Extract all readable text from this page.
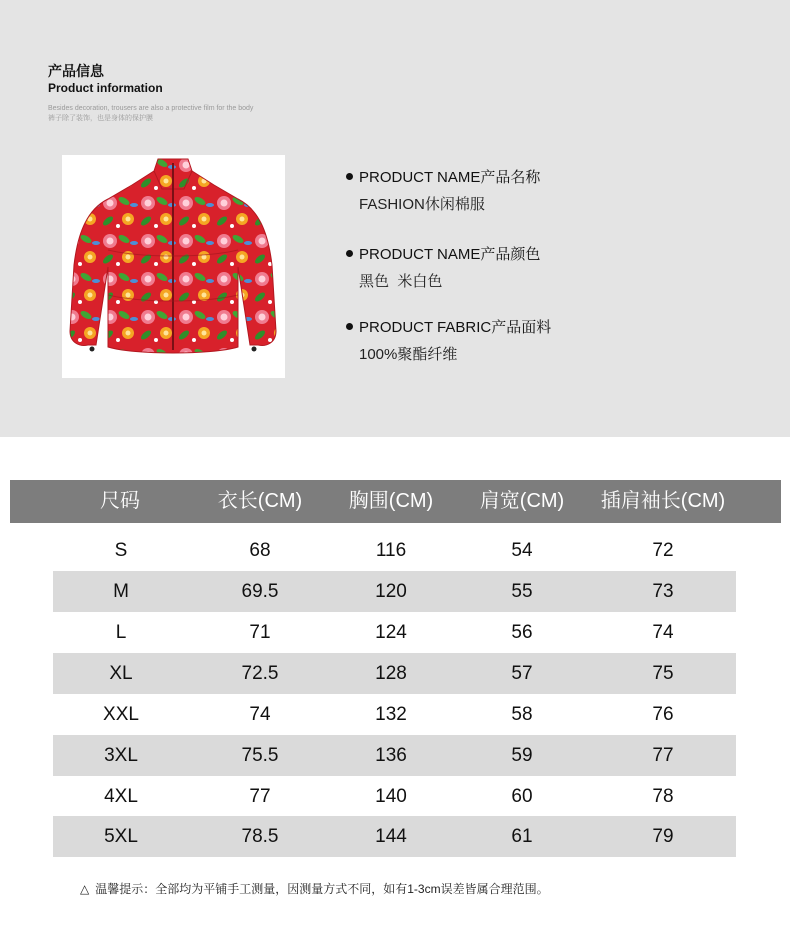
产品信息
Product information
Besides decoration, trousers are also a protective film for the body
裤子除了装饰，也是身体的保护膜
PRODUCT NAME产品名称
FASHION休闲棉服
PRODUCT NAME产品颜色
黑色  米白色
PRODUCT FABRIC产品面料
100%聚酯纤维
尺码	衣长(CM)	胸围(CM)	肩宽(CM)	插肩袖长(CM)
S	68	116	54	72
M	69.5	120	55	73
L	71	124	56	74
XL	72.5	128	57	75
XXL	74	132	58	76
3XL	75.5	136	59	77
4XL	77	140	60	78
5XL	78.5	144	61	79
△ 温馨提示：全部均为平铺手工测量，因测量方式不同，如有1-3cm误差皆属合理范围。
